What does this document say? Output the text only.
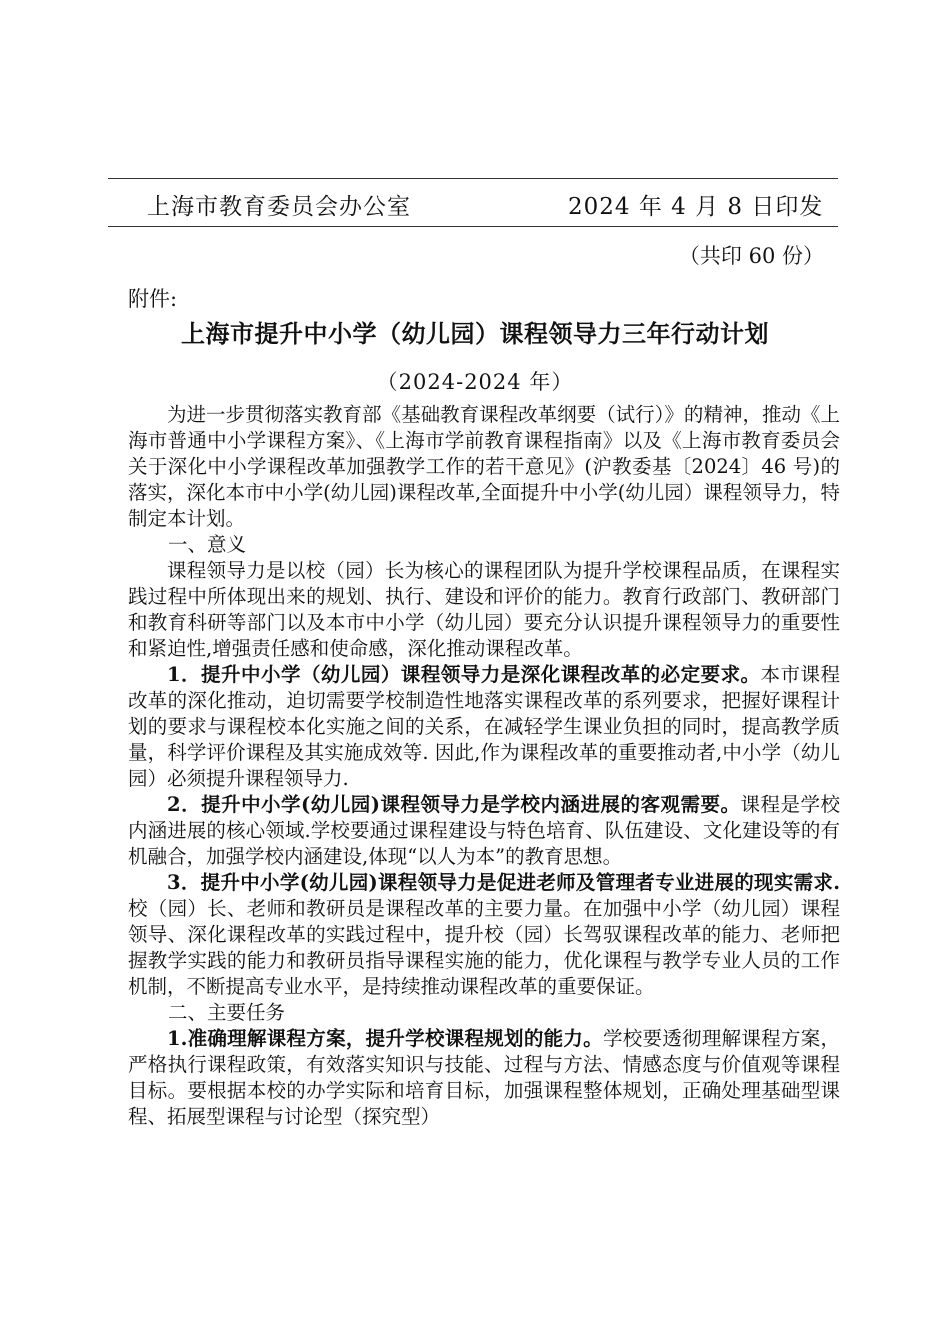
上海市教育委员会办公室	2024 年 4 月 8 日印发
（共印 60 份）
附件:
上海市提升中小学（幼儿园）课程领导力三年行动计划
（2024-2024 年）

为进一步贯彻落实教育部《基础教育课程改革纲要（试行）》的精神，推动《上海市普通中小学课程方案》、《上海市学前教育课程指南》以及《上海市教育委员会关于深化中小学课程改革加强教学工作的若干意见》(沪教委基〔2024〕46 号)的落实，深化本市中小学(幼儿园)课程改革,全面提升中小学(幼儿园）课程领导力，特制定本计划。

一、意义

课程领导力是以校（园）长为核心的课程团队为提升学校课程品质，在课程实践过程中所体现出来的规划、执行、建设和评价的能力。教育行政部门、教研部门和教育科研等部门以及本市中小学（幼儿园）要充分认识提升课程领导力的重要性和紧迫性,增强责任感和使命感，深化推动课程改革。

1．提升中小学（幼儿园）课程领导力是深化课程改革的必定要求。本市课程改革的深化推动，迫切需要学校制造性地落实课程改革的系列要求，把握好课程计划的要求与课程校本化实施之间的关系，在减轻学生课业负担的同时，提高教学质量，科学评价课程及其实施成效等. 因此,作为课程改革的重要推动者,中小学（幼儿园）必须提升课程领导力.

2．提升中小学(幼儿园)课程领导力是学校内涵进展的客观需要。课程是学校内涵进展的核心领域.学校要通过课程建设与特色培育、队伍建设、文化建设等的有机融合，加强学校内涵建设,体现“以人为本”的教育思想。

3．提升中小学(幼儿园)课程领导力是促进老师及管理者专业进展的现实需求.校（园）长、老师和教研员是课程改革的主要力量。在加强中小学（幼儿园）课程领导、深化课程改革的实践过程中，提升校（园）长驾驭课程改革的能力、老师把握教学实践的能力和教研员指导课程实施的能力，优化课程与教学专业人员的工作机制，不断提高专业水平，是持续推动课程改革的重要保证。

二、主要任务

1.准确理解课程方案，提升学校课程规划的能力。学校要透彻理解课程方案，严格执行课程政策，有效落实知识与技能、过程与方法、情感态度与价值观等课程目标。要根据本校的办学实际和培育目标，加强课程整体规划，正确处理基础型课程、拓展型课程与讨论型（探究型）
